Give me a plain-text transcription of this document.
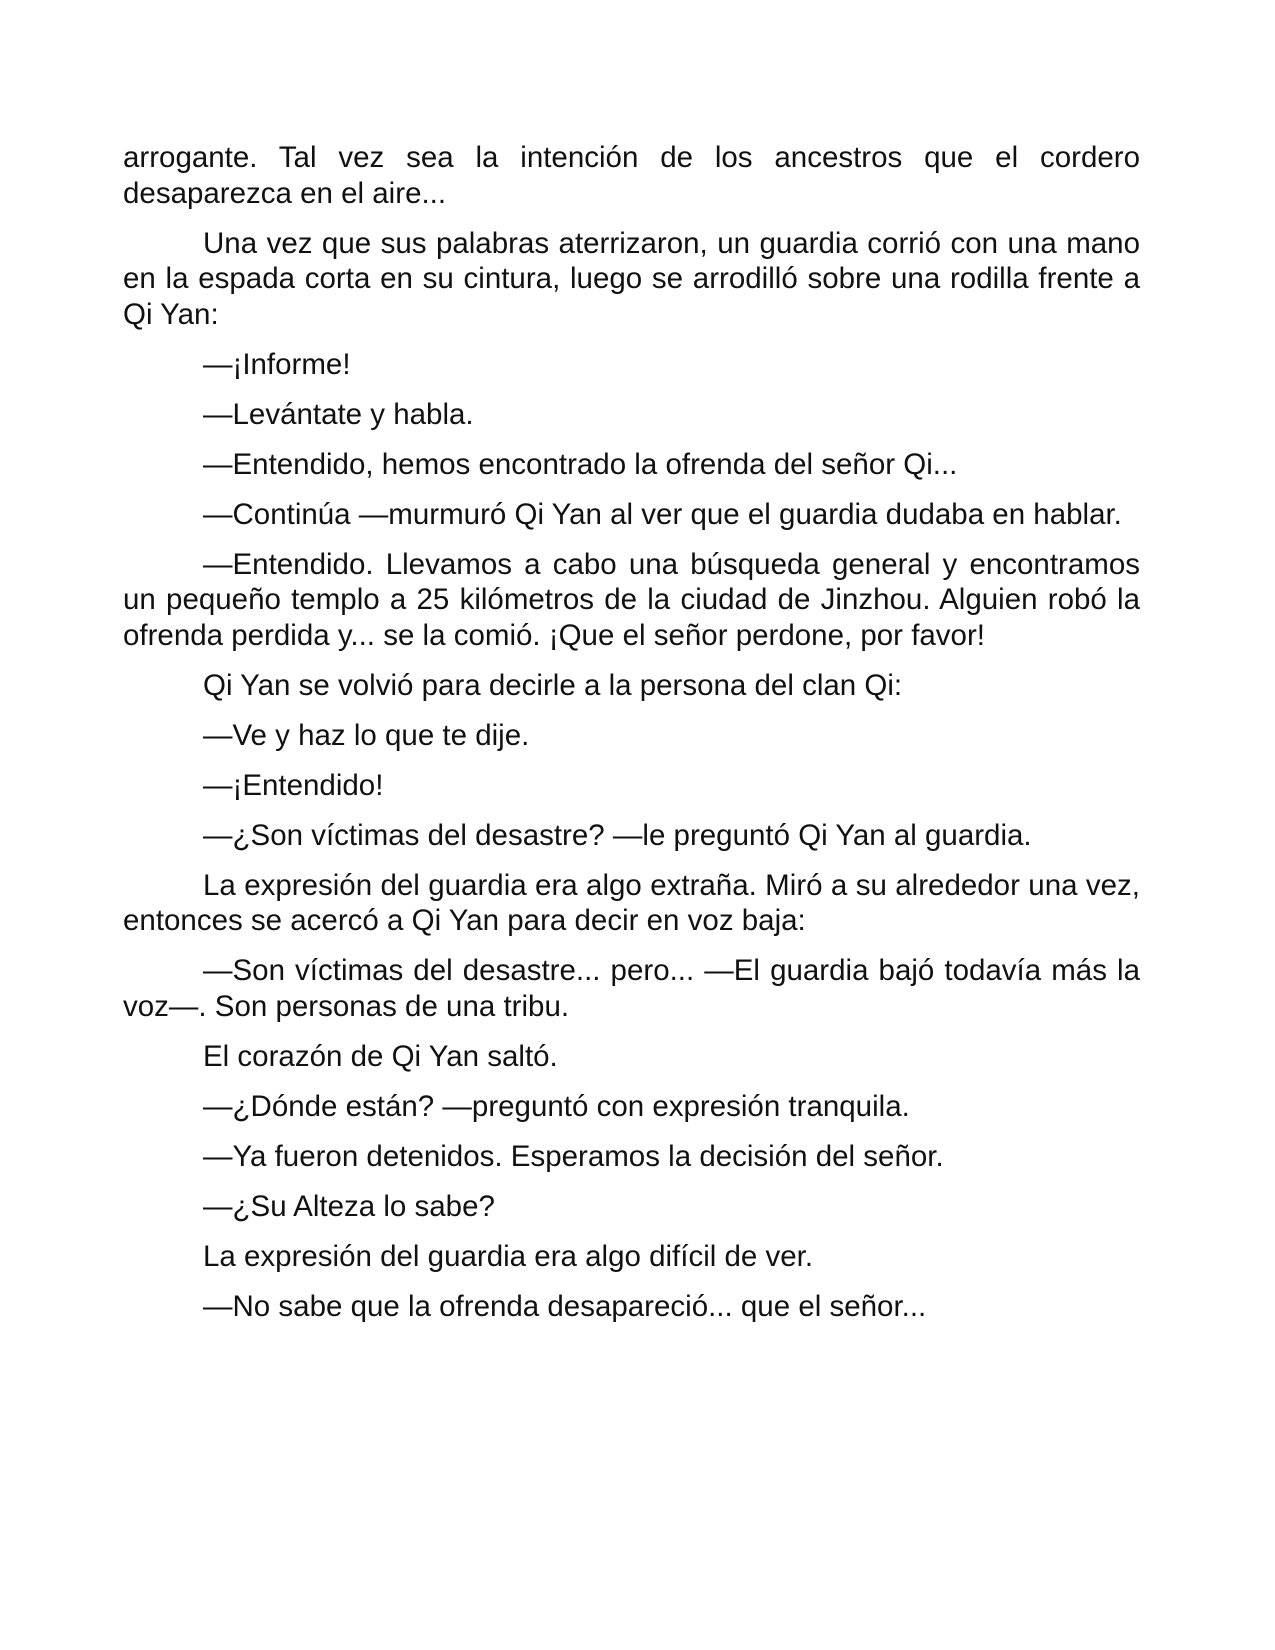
arrogante. Tal vez sea la intención de los ancestros que el cordero desaparezca en el aire...

Una vez que sus palabras aterrizaron, un guardia corrió con una mano en la espada corta en su cintura, luego se arrodilló sobre una rodilla frente a Qi Yan:

—¡Informe!

—Levántate y habla.

—Entendido, hemos encontrado la ofrenda del señor Qi...

—Continúa —murmuró Qi Yan al ver que el guardia dudaba en hablar.

—Entendido. Llevamos a cabo una búsqueda general y encontramos un pequeño templo a 25 kilómetros de la ciudad de Jinzhou. Alguien robó la ofrenda perdida y... se la comió. ¡Que el señor perdone, por favor!

Qi Yan se volvió para decirle a la persona del clan Qi:

—Ve y haz lo que te dije.

—¡Entendido!

—¿Son víctimas del desastre? —le preguntó Qi Yan al guardia.

La expresión del guardia era algo extraña. Miró a su alrededor una vez, entonces se acercó a Qi Yan para decir en voz baja:

—Son víctimas del desastre... pero... —El guardia bajó todavía más la voz—. Son personas de una tribu.

El corazón de Qi Yan saltó.

—¿Dónde están? —preguntó con expresión tranquila.

—Ya fueron detenidos. Esperamos la decisión del señor.

—¿Su Alteza lo sabe?

La expresión del guardia era algo difícil de ver.

—No sabe que la ofrenda desapareció... que el señor...
